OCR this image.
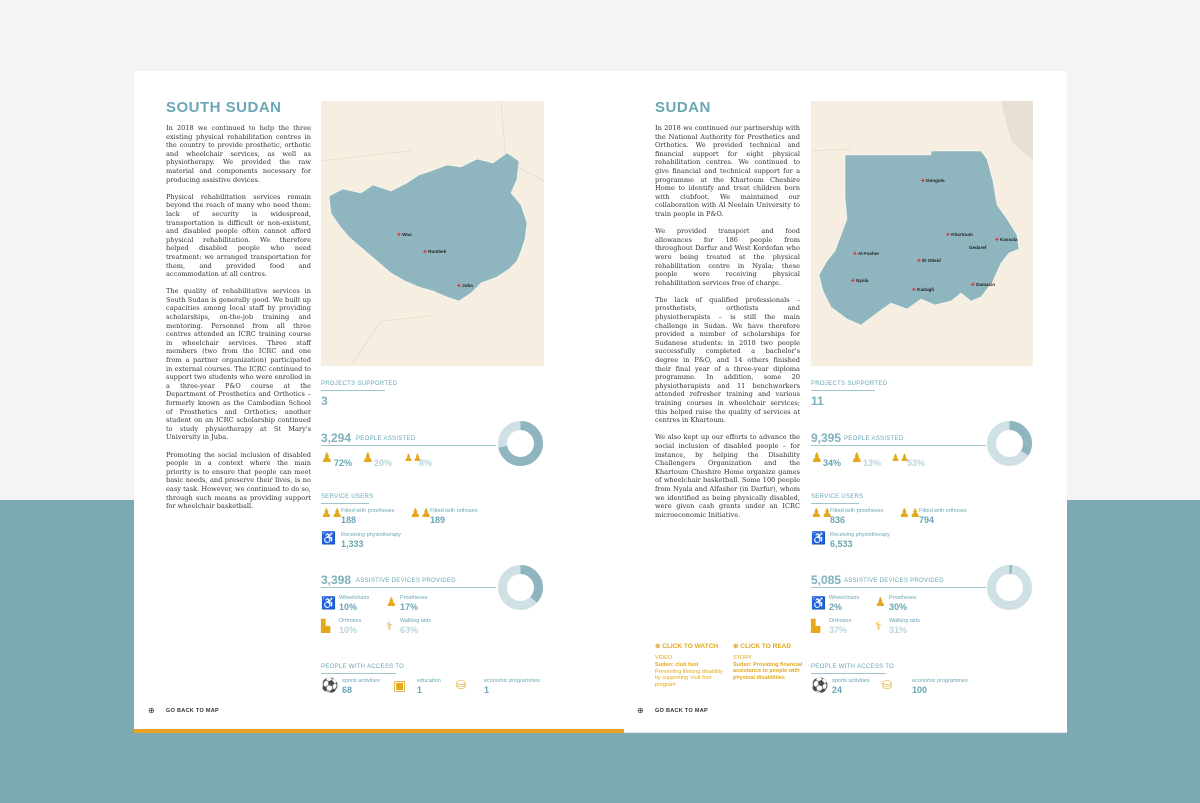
SOUTH SUDAN

In 2018 we continued to help the three existing physical rehabilitation centres in the country to provide prosthetic, orthotic and wheelchair services, as well as physiotherapy. We provided the raw material and components necessary for producing assistive devices.

Physical rehabilitation services remain beyond the reach of many who need them: lack of security is widespread, transportation is difficult or non-existent, and disabled people often cannot afford physical rehabilitation. We therefore helped disabled people who need treatment: we arranged transportation for them, and provided food and accommodation at all centres.

The quality of rehabilitative services in South Sudan is generally good. We built up capacities among local staff by providing scholarships, on-the-job training and mentoring. Personnel from all three centres attended an ICRC training course in wheelchair services. Three staff members (two from the ICRC and one from a partner organization) participated in external courses. The ICRC continued to support two students who were enrolled in a three-year P&O course at the Department of Prosthetics and Orthotics – formerly known as the Cambodian School of Prosthetics and Orthotics; another student on an ICRC scholarship continued to study physiotherapy at St Mary's University in Juba.

Promoting the social inclusion of disabled people in a context where the main priority is to ensure that people can meet basic needs, and preserve their lives, is no easy task. However, we continued to do so, through such means as providing support for wheelchair basketball.

✚ Wau
✚ Rumbek
✚ Juba
PROJECTS SUPPORTED
3
3,294 PEOPLE ASSISTED
♟ 72% ♟ 20% ♟♟
8%
SERVICE USERS
♟♟
Fitted with prostheses
188	♟♟
Fitted with orthoses
189
♿ Receiving physiotherapy
1,333
3,398 ASSISTIVE DEVICES PROVIDED
♿ Wheelchairs
10% ♟ Prostheses
17%
▙ Orthoses
10% ⚕ Walking aids
63%
PEOPLE WITH ACCESS TO
⚽ sports activities
68	▣ education
1	⛁	economic programmes
1
⊕ GO BACK TO MAP
SUDAN

In 2018 we continued our partnership with the National Authority for Prosthetics and Orthotics. We provided technical and financial support for eight physical rehabilitation centres. We continued to give financial and technical support for a programme at the Khartoum Cheshire Home to identify and treat children born with clubfoot. We maintained our collaboration with Al Neelain University to train people in P&O.

We provided transport and food allowances for 186 people from throughout Darfur and West Kordofan who were being treated at the physical rehabilitation centre in Nyala; these people were receiving physical rehabilitation services free of charge.

The lack of qualified professionals – prosthetists, orthotists and physiotherapists – is still the main challenge in Sudan. We have therefore provided a number of scholarships for Sudanese students: in 2018 two people successfully completed a bachelor's degree in P&O, and 14 others finished their final year of a three-year diploma programme. In addition, some 20 physiotherapists and 11 benchworkers attended refresher training and various training courses in wheelchair services; this helped raise the quality of services at centres in Khartoum.

We also kept up our efforts to advance the social inclusion of disabled people – for instance, by helping the Disability Challengers Organization and the Khartoum Cheshire Home organize games of wheelchair basketball. Some 100 people from Nyala and Alfasher (in Darfur), whom we identified as being physically disabled, were given cash grants under an ICRC microeconomic Initiative.

✚ Dongola
✚ Khartoum
✚ Kassala
Gedaref
✚ Al-Fasher
✚ El Obeid
✚ Nyala
✚ Kadugli
✚ Damazin
PROJECTS SUPPORTED
11
9,395 PEOPLE ASSISTED
♟ 34% ♟ 13% ♟♟
53%
SERVICE USERS
♟♟
Fitted with prostheses
836	♟♟
Fitted with orthoses
794
♿ Receiving physiotherapy
6,533
5,085 ASSISTIVE DEVICES PROVIDED
♿ Wheelchairs
2%	♟ Prostheses
30%
▙ Orthoses
37% ⚕ Walking aids
31%
⊕ CLICK TO WATCH
VIDEO
Sudan: club foot
Preventing lifelong disability by supporting 'club foot program'
⊕ CLICK TO READ
STORY
Sudan: Providing financial assistance to people with physical disabilities
PEOPLE WITH ACCESS TO
⚽ sports activities
24	⛁	economic programmes
100
⊕ GO BACK TO MAP
